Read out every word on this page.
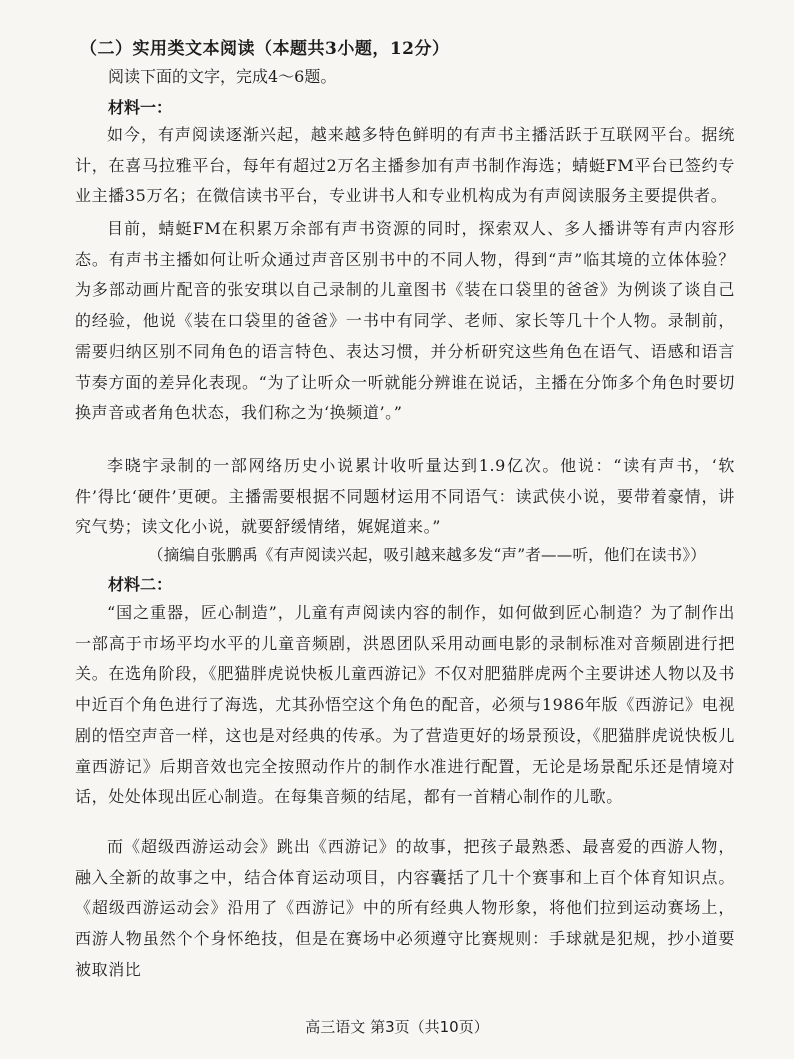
（二）实用类文本阅读（本题共3小题，12分）
阅读下面的文字，完成4～6题。
材料一：
如今，有声阅读逐渐兴起，越来越多特色鲜明的有声书主播活跃于互联网平台。据统计，在喜马拉雅平台，每年有超过2万名主播参加有声书制作海选；蜻蜓FM平台已签约专业主播35万名；在微信读书平台，专业讲书人和专业机构成为有声阅读服务主要提供者。
目前，蜻蜓FM在积累万余部有声书资源的同时，探索双人、多人播讲等有声内容形态。有声书主播如何让听众通过声音区别书中的不同人物，得到“声”临其境的立体体验？为多部动画片配音的张安琪以自己录制的儿童图书《装在口袋里的爸爸》为例谈了谈自己的经验，他说《装在口袋里的爸爸》一书中有同学、老师、家长等几十个人物。录制前，需要归纳区别不同角色的语言特色、表达习惯，并分析研究这些角色在语气、语感和语言节奏方面的差异化表现。“为了让听众一听就能分辨谁在说话，主播在分饰多个角色时要切换声音或者角色状态，我们称之为‘换频道’。”
李晓宇录制的一部网络历史小说累计收听量达到1.9亿次。他说：“读有声书，‘软件’得比‘硬件’更硬。主播需要根据不同题材运用不同语气：读武侠小说，要带着豪情，讲究气势；读文化小说，就要舒缓情绪，娓娓道来。”
（摘编自张鹏禹《有声阅读兴起，吸引越来越多发“声”者——听，他们在读书》）
材料二：
“国之重器，匠心制造”，儿童有声阅读内容的制作，如何做到匠心制造？为了制作出一部高于市场平均水平的儿童音频剧，洪恩团队采用动画电影的录制标准对音频剧进行把关。在选角阶段，《肥猫胖虎说快板儿童西游记》不仅对肥猫胖虎两个主要讲述人物以及书中近百个角色进行了海选，尤其孙悟空这个角色的配音，必须与1986年版《西游记》电视剧的悟空声音一样，这也是对经典的传承。为了营造更好的场景预设，《肥猫胖虎说快板儿童西游记》后期音效也完全按照动作片的制作水准进行配置，无论是场景配乐还是情境对话，处处体现出匠心制造。在每集音频的结尾，都有一首精心制作的儿歌。
而《超级西游运动会》跳出《西游记》的故事，把孩子最熟悉、最喜爱的西游人物，融入全新的故事之中，结合体育运动项目，内容囊括了几十个赛事和上百个体育知识点。《超级西游运动会》沿用了《西游记》中的所有经典人物形象，将他们拉到运动赛场上，西游人物虽然个个身怀绝技，但是在赛场中必须遵守比赛规则：手球就是犯规，抄小道要被取消比
高三语文 第3页（共10页）
